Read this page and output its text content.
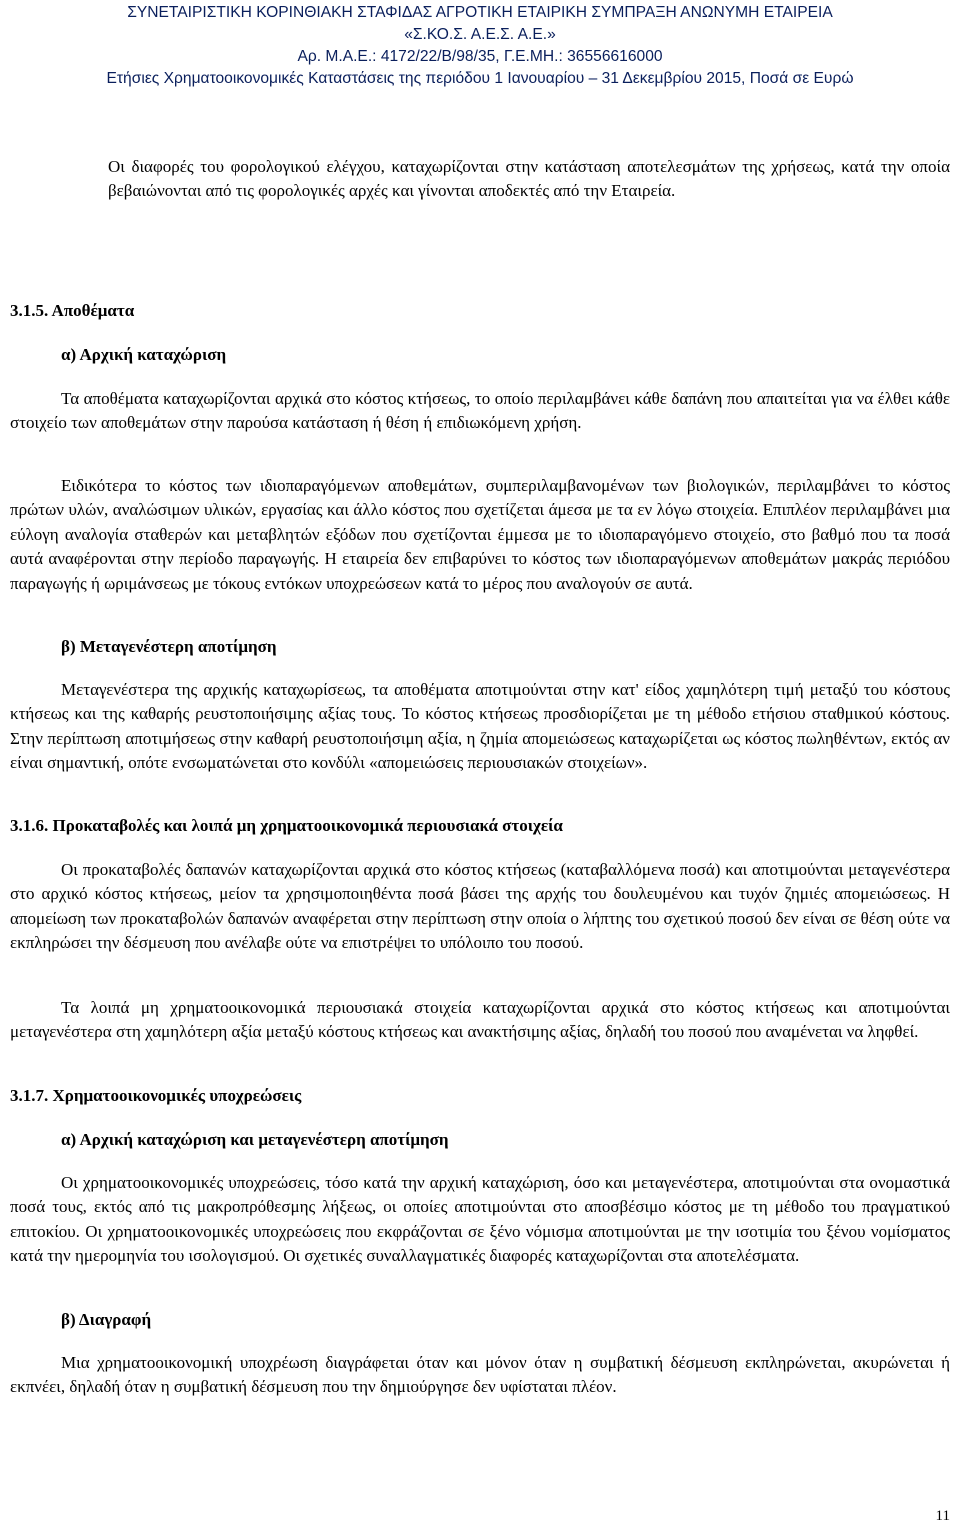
ΣΥΝΕΤΑΙΡΙΣΤΙΚΗ ΚΟΡΙΝΘΙΑΚΗ ΣΤΑΦΙΔΑΣ ΑΓΡΟΤΙΚΗ ΕΤΑΙΡΙΚΗ ΣΥΜΠΡΑΞΗ ΑΝΩΝΥΜΗ ΕΤΑΙΡΕΙΑ
«Σ.ΚΟ.Σ. Α.Ε.Σ. Α.Ε.»
Αρ. Μ.Α.Ε.: 4172/22/Β/98/35, Γ.Ε.ΜΗ.: 36556616000
Ετήσιες Χρηματοοικονομικές Καταστάσεις της περιόδου 1 Ιανουαρίου – 31 Δεκεμβρίου 2015, Ποσά σε Ευρώ
Οι διαφορές του φορολογικού ελέγχου, καταχωρίζονται στην κατάσταση αποτελεσμάτων της χρήσεως, κατά την οποία βεβαιώνονται από τις φορολογικές αρχές και γίνονται αποδεκτές από την Εταιρεία.
3.1.5. Αποθέματα
α) Αρχική καταχώριση
Τα αποθέματα καταχωρίζονται αρχικά στο κόστος κτήσεως, το οποίο περιλαμβάνει κάθε δαπάνη που απαιτείται για να έλθει κάθε στοιχείο των αποθεμάτων στην παρούσα κατάσταση ή θέση ή επιδιωκόμενη χρήση.
Ειδικότερα το κόστος των ιδιοπαραγόμενων αποθεμάτων, συμπεριλαμβανομένων των βιολογικών, περιλαμβάνει το κόστος πρώτων υλών, αναλώσιμων υλικών, εργασίας και άλλο κόστος που σχετίζεται άμεσα με τα εν λόγω στοιχεία. Επιπλέον περιλαμβάνει μια εύλογη αναλογία σταθερών και μεταβλητών εξόδων που σχετίζονται έμμεσα με το ιδιοπαραγόμενο στοιχείο, στο βαθμό που τα ποσά αυτά αναφέρονται στην περίοδο παραγωγής. Η εταιρεία δεν επιβαρύνει το κόστος των ιδιοπαραγόμενων αποθεμάτων μακράς περιόδου παραγωγής ή ωριμάνσεως με τόκους εντόκων υποχρεώσεων κατά το μέρος που αναλογούν σε αυτά.
β) Μεταγενέστερη αποτίμηση
Μεταγενέστερα της αρχικής καταχωρίσεως, τα αποθέματα αποτιμούνται στην κατ' είδος χαμηλότερη τιμή μεταξύ του κόστους κτήσεως και της καθαρής ρευστοποιήσιμης αξίας τους. Το κόστος κτήσεως προσδιορίζεται με τη μέθοδο ετήσιου σταθμικού κόστους. Στην περίπτωση αποτιμήσεως στην καθαρή ρευστοποιήσιμη αξία, η ζημία απομειώσεως καταχωρίζεται ως κόστος πωληθέντων, εκτός αν είναι σημαντική, οπότε ενσωματώνεται στο κονδύλι «απομειώσεις περιουσιακών στοιχείων».
3.1.6. Προκαταβολές και λοιπά μη χρηματοοικονομικά περιουσιακά στοιχεία
Οι προκαταβολές δαπανών καταχωρίζονται αρχικά στο κόστος κτήσεως (καταβαλλόμενα ποσά) και αποτιμούνται μεταγενέστερα στο αρχικό κόστος κτήσεως, μείον τα χρησιμοποιηθέντα ποσά βάσει της αρχής του δουλευμένου και τυχόν ζημιές απομειώσεως. Η απομείωση των προκαταβολών δαπανών αναφέρεται στην περίπτωση στην οποία ο λήπτης του σχετικού ποσού δεν είναι σε θέση ούτε να εκπληρώσει την δέσμευση που ανέλαβε ούτε να επιστρέψει το υπόλοιπο του ποσού.
Τα λοιπά μη χρηματοοικονομικά περιουσιακά στοιχεία καταχωρίζονται αρχικά στο κόστος κτήσεως και αποτιμούνται μεταγενέστερα στη χαμηλότερη αξία μεταξύ κόστους κτήσεως και ανακτήσιμης αξίας, δηλαδή του ποσού που αναμένεται να ληφθεί.
3.1.7. Χρηματοοικονομικές υποχρεώσεις
α) Αρχική καταχώριση και μεταγενέστερη αποτίμηση
Οι χρηματοοικονομικές υποχρεώσεις, τόσο κατά την αρχική καταχώριση, όσο και μεταγενέστερα, αποτιμούνται στα ονομαστικά ποσά τους, εκτός από τις μακροπρόθεσμης λήξεως, οι οποίες αποτιμούνται στο αποσβέσιμο κόστος με τη μέθοδο του πραγματικού επιτοκίου. Οι χρηματοοικονομικές υποχρεώσεις που εκφράζονται σε ξένο νόμισμα αποτιμούνται με την ισοτιμία του ξένου νομίσματος κατά την ημερομηνία του ισολογισμού. Οι σχετικές συναλλαγματικές διαφορές καταχωρίζονται στα αποτελέσματα.
β) Διαγραφή
Μια χρηματοοικονομική υποχρέωση διαγράφεται όταν και μόνον όταν η συμβατική δέσμευση εκπληρώνεται, ακυρώνεται ή εκπνέει, δηλαδή όταν η συμβατική δέσμευση που την δημιούργησε δεν υφίσταται πλέον.
11
